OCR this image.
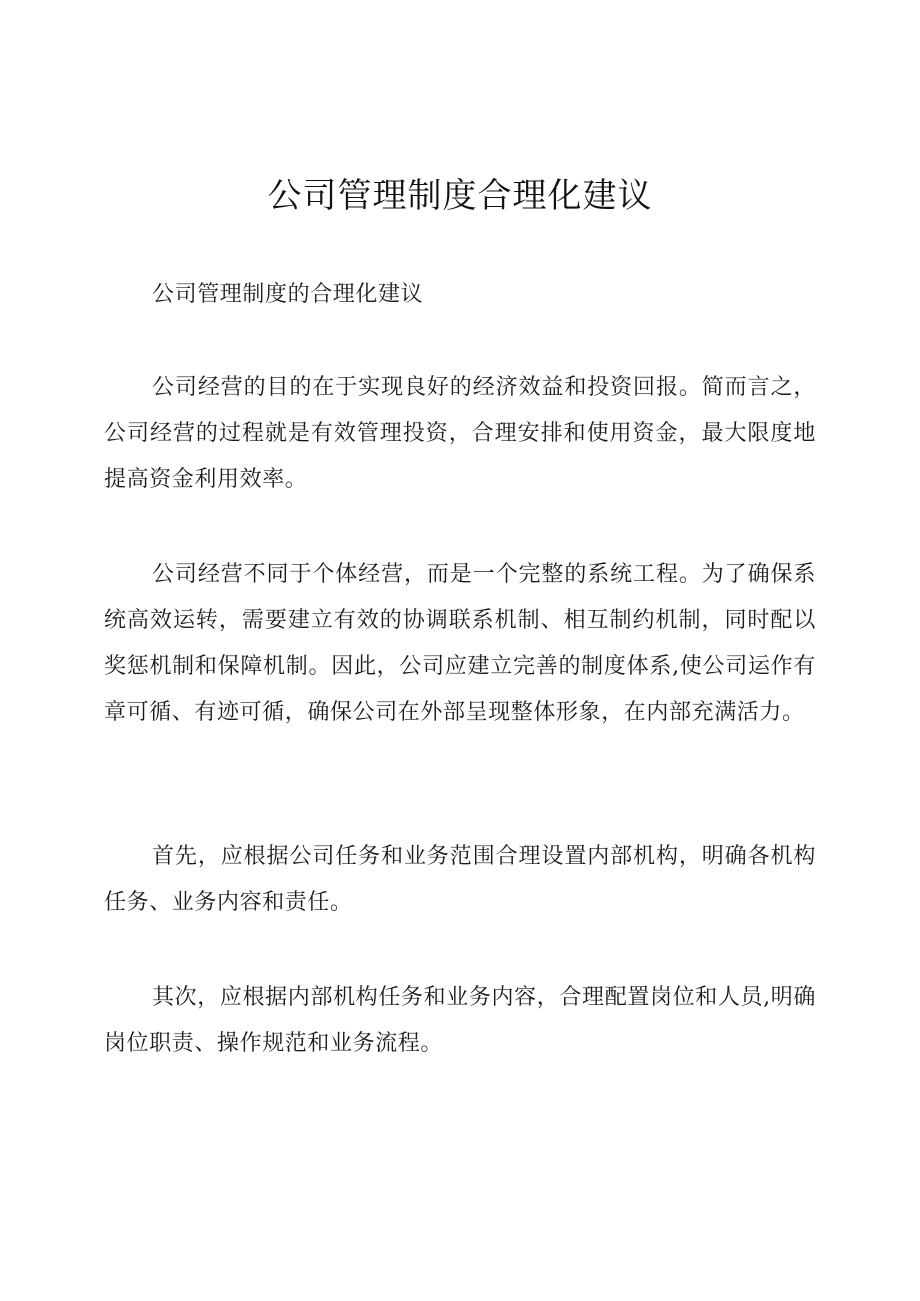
公司管理制度合理化建议

公司管理制度的合理化建议

公司经营的目的在于实现良好的经济效益和投资回报。简而言之，公司经营的过程就是有效管理投资，合理安排和使用资金，最大限度地提高资金利用效率。

公司经营不同于个体经营，而是一个完整的系统工程。为了确保系统高效运转，需要建立有效的协调联系机制、相互制约机制，同时配以奖惩机制和保障机制。因此，公司应建立完善的制度体系,使公司运作有章可循、有迹可循，确保公司在外部呈现整体形象，在内部充满活力。

首先，应根据公司任务和业务范围合理设置内部机构，明确各机构任务、业务内容和责任。

其次，应根据内部机构任务和业务内容，合理配置岗位和人员,明确岗位职责、操作规范和业务流程。
